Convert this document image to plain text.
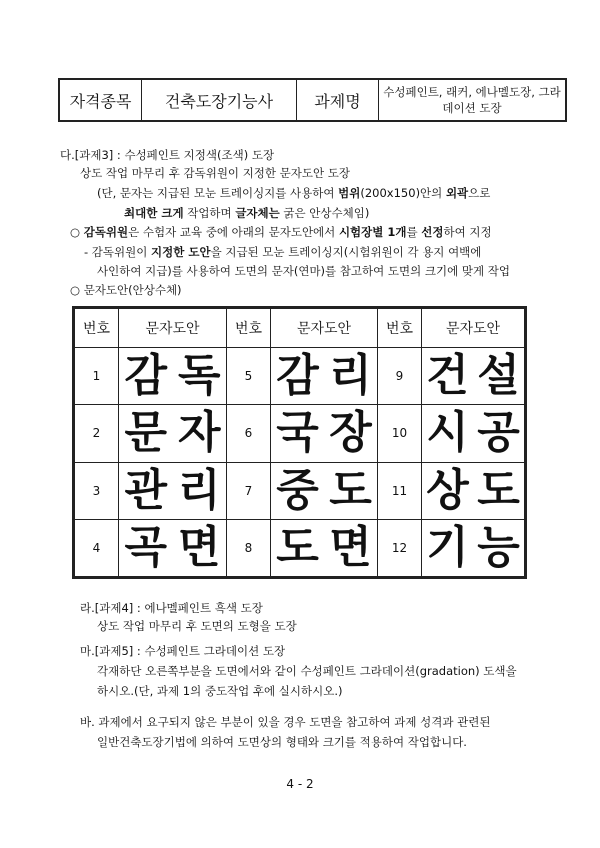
자격종목	건축도장기능사	과제명	수성페인트, 래커, 에나멜도장, 그라데이션 도장
다.[과제3] : 수성페인트 지정색(조색) 도장
상도 작업 마무리 후 감독위원이 지정한 문자도안 도장
(단, 문자는 지급된 모눈 트레이싱지를 사용하여 범위(200x150)안의 외곽으로
최대한 크게 작업하며 글자체는 굵은 안상수체임)
○ 감독위원은 수험자 교육 중에 아래의 문자도안에서 시험장별 1개를 선정하여 지정
- 감독위원이 지정한 도안을 지급된 모눈 트레이싱지(시험위원이 각 용지 여백에
사인하여 지급)를 사용하여 도면의 문자(연마)를 참고하여 도면의 크기에 맞게 작업
○ 문자도안(안상수체)
번호	문자도안	번호	문자도안	번호	문자도안
1	감 독	5	감 리	9	건 설

2	문 자	6	국 장	10	시 공

3	관 리	7	중 도	11	상 도

4	곡 면	8	도 면	12	기 능
라.[과제4] : 에나멜페인트 흑색 도장
상도 작업 마무리 후 도면의 도형을 도장
마.[과제5] : 수성페인트 그라데이션 도장
각재하단 오른쪽부분을 도면에서와 같이 수성페인트 그라데이션(gradation) 도색을
하시오.(단, 과제 1의 중도작업 후에 실시하시오.)
바. 과제에서 요구되지 않은 부분이 있을 경우 도면을 참고하여 과제 성격과 관련된
일반건축도장기법에 의하여 도면상의 형태와 크기를 적용하여 작업합니다.
4 - 2
